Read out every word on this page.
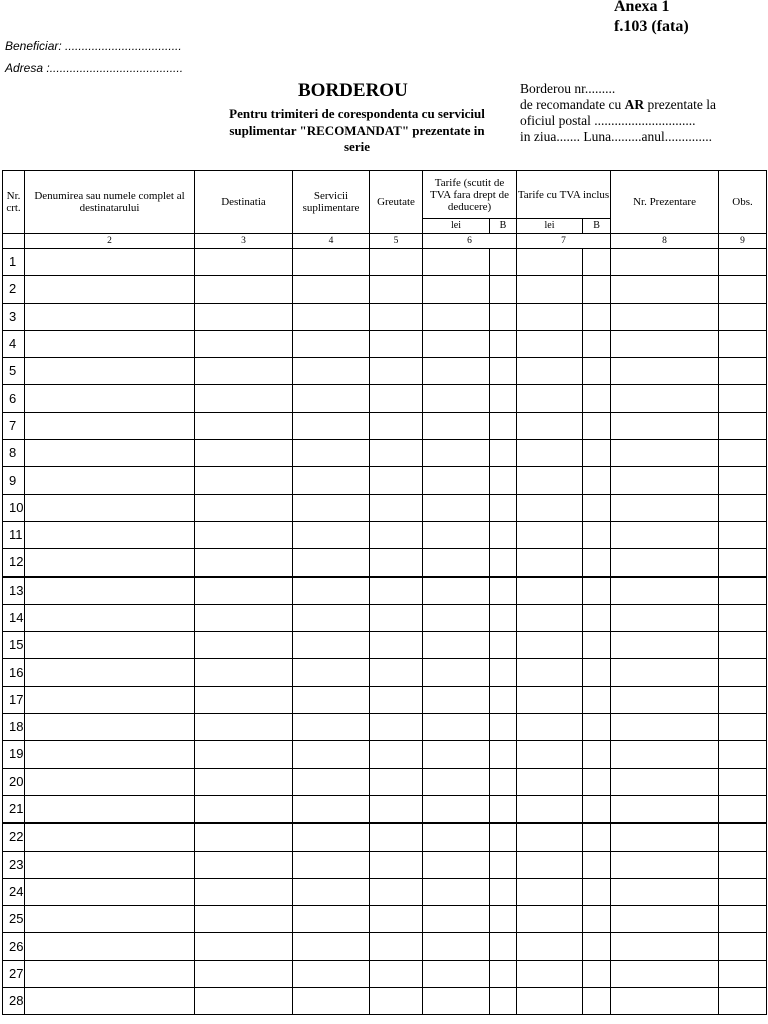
Anexa 1
f.103 (fata)
Beneficiar: ...................................
Adresa :........................................
BORDEROU
Pentru trimiteri de corespondenta cu serviciul suplimentar "RECOMANDAT" prezentate in serie
Borderou nr.........
de recomandate cu AR prezentate la
oficiul postal ..............................
in ziua....... Luna.........anul..............
Nr. crt.	Denumirea sau numele complet al destinatarului	Destinatia	Servicii suplimentare	Greutate	Tarife (scutit de TVA fara drept de deducere)		Tarife cu TVA inclus		Nr. Prezentare	Obs.
					lei	B	lei	B		
	2	3	4	5	6		7		8	9
1										
2										
3										
4										
5										
6										
7										
8										
9										
10										
11										
12										
13										
14										
15										
16										
17										
18										
19										
20										
21										
22										
23										
24										
25										
26										
27										
28										
